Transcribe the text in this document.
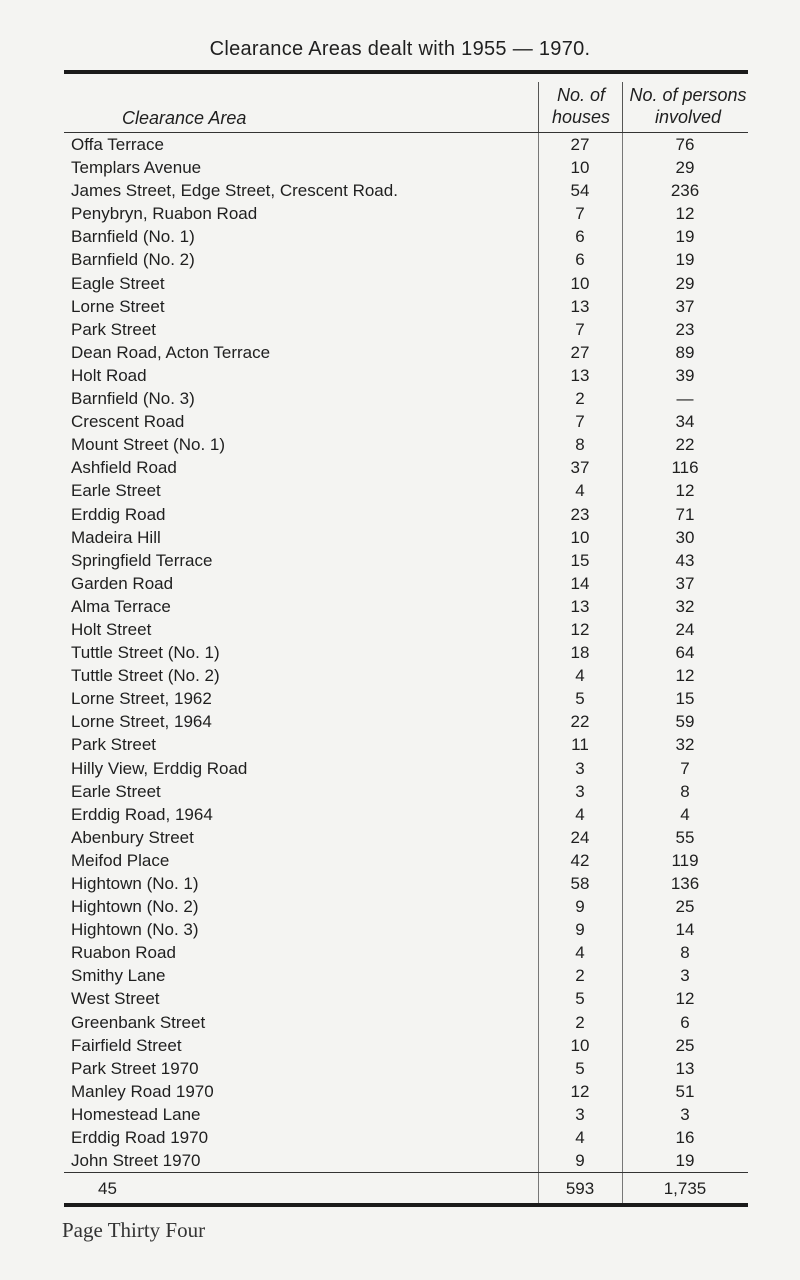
Clearance Areas dealt with 1955 — 1970.
Clearance Area
No. of
houses
No. of persons
involved
Offa Terrace	27	76
Templars Avenue	10	29
James Street, Edge Street, Crescent Road.	54	236
Penybryn, Ruabon Road	7	12
Barnfield (No. 1)	6	19
Barnfield (No. 2)	6	19
Eagle Street	10	29
Lorne Street	13	37
Park Street	7	23
Dean Road, Acton Terrace	27	89
Holt Road	13	39
Barnfield (No. 3)	2	—
Crescent Road	7	34
Mount Street (No. 1)	8	22
Ashfield Road	37	116
Earle Street	4	12
Erddig Road	23	71
Madeira Hill	10	30
Springfield Terrace	15	43
Garden Road	14	37
Alma Terrace	13	32
Holt Street	12	24
Tuttle Street (No. 1)	18	64
Tuttle Street (No. 2)	4	12
Lorne Street, 1962	5	15
Lorne Street, 1964	22	59
Park Street	11	32
Hilly View, Erddig Road	3	7
Earle Street	3	8
Erddig Road, 1964	4	4
Abenbury Street	24	55
Meifod Place	42	119
Hightown (No. 1)	58	136
Hightown (No. 2)	9	25
Hightown (No. 3)	9	14
Ruabon Road	4	8
Smithy Lane	2	3
West Street	5	12
Greenbank Street	2	6
Fairfield Street	10	25
Park Street 1970	5	13
Manley Road 1970	12	51
Homestead Lane	3	3
Erddig Road 1970	4	16
John Street 1970	9	19
45	593	1,735
Page Thirty Four
